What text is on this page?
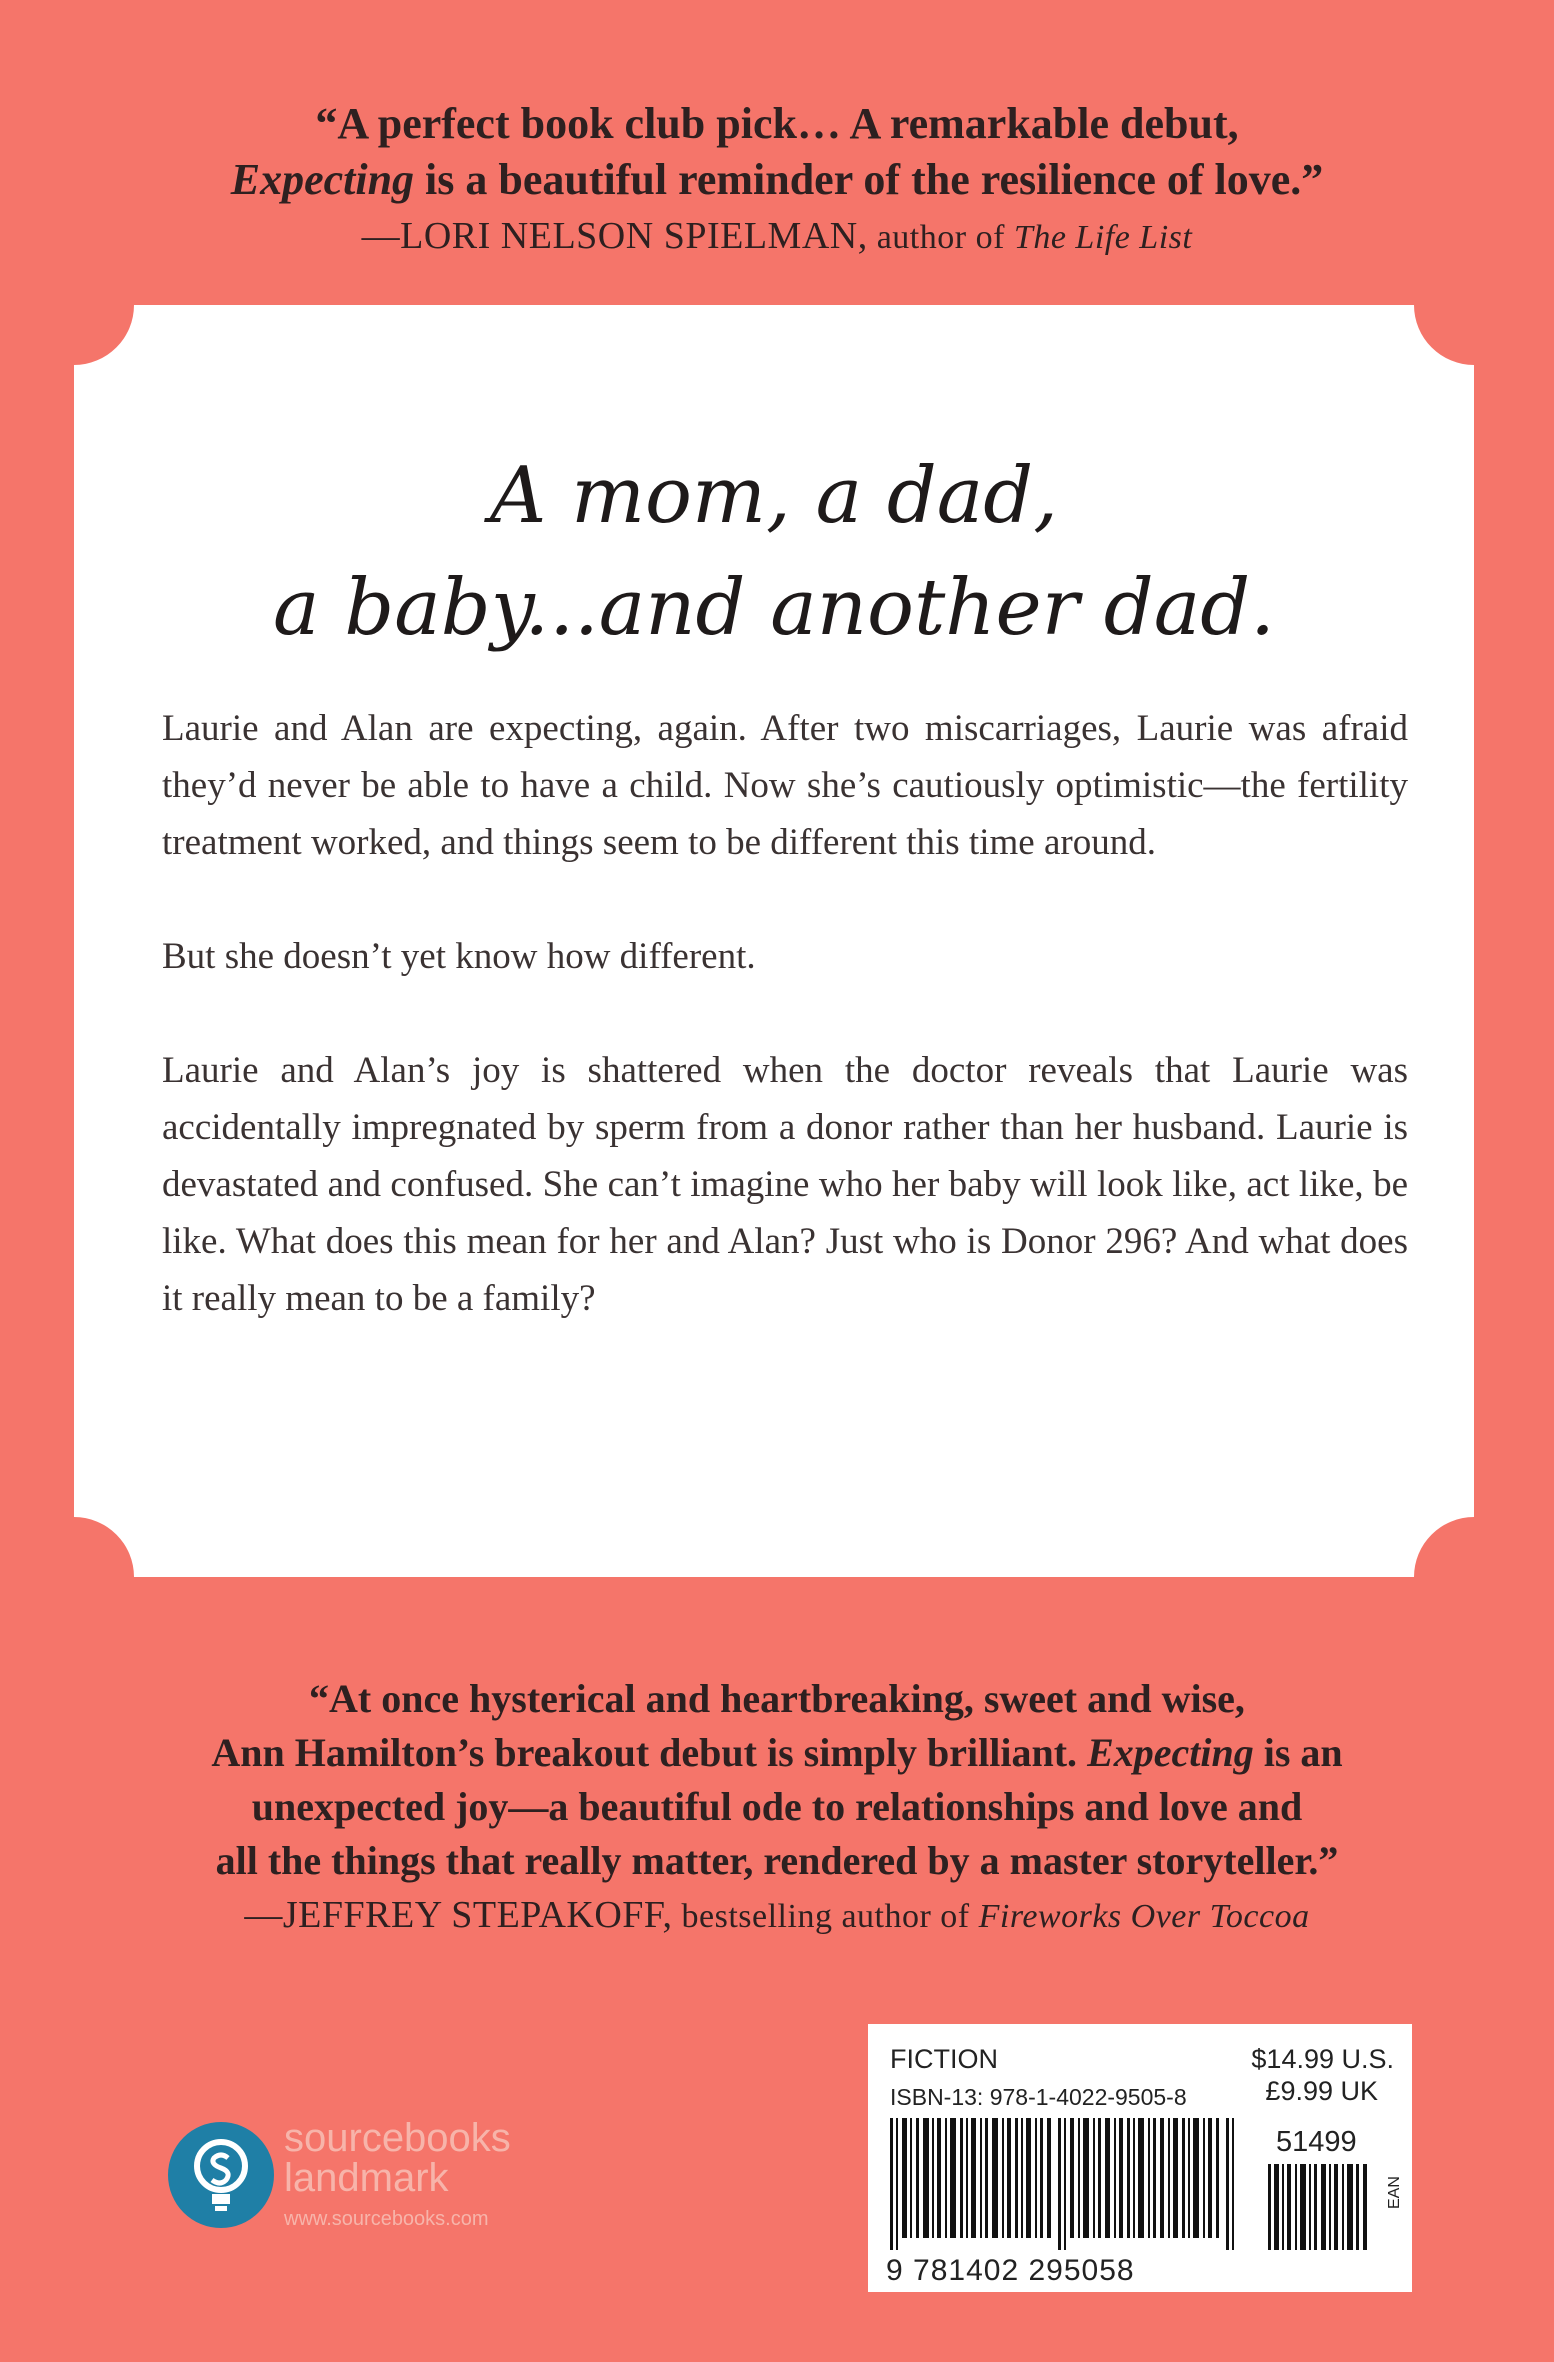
“A perfect book club pick… A remarkable debut,
Expecting is a beautiful reminder of the resilience of love.”
—LORI NELSON SPIELMAN, author of The Life List
A mom, a dad,
a baby...and another dad.

Laurie and Alan are expecting, again. After two miscarriages, Laurie was afraid they’d never be able to have a child. Now she’s cautiously optimistic—the fertility treatment worked, and things seem to be different this time around.

But she doesn’t yet know how different.

Laurie and Alan’s joy is shattered when the doctor reveals that Laurie was accidentally impregnated by sperm from a donor rather than her husband. Laurie is devastated and confused. She can’t imagine who her baby will look like, act like, be like. What does this mean for her and Alan? Just who is Donor 296? And what does it really mean to be a family?

“At once hysterical and heartbreaking, sweet and wise,
Ann Hamilton’s breakout debut is simply brilliant. Expecting is an
unexpected joy—a beautiful ode to relationships and love and
all the things that really matter, rendered by a master storyteller.”
—JEFFREY STEPAKOFF, bestselling author of Fireworks Over Toccoa
sourcebooks
landmark
www.sourcebooks.com
FICTION
ISBN-13: 978-1-4022-9505-8
$14.99 U.S.
£9.99 UK
51499
EAN
9 781402 295058
